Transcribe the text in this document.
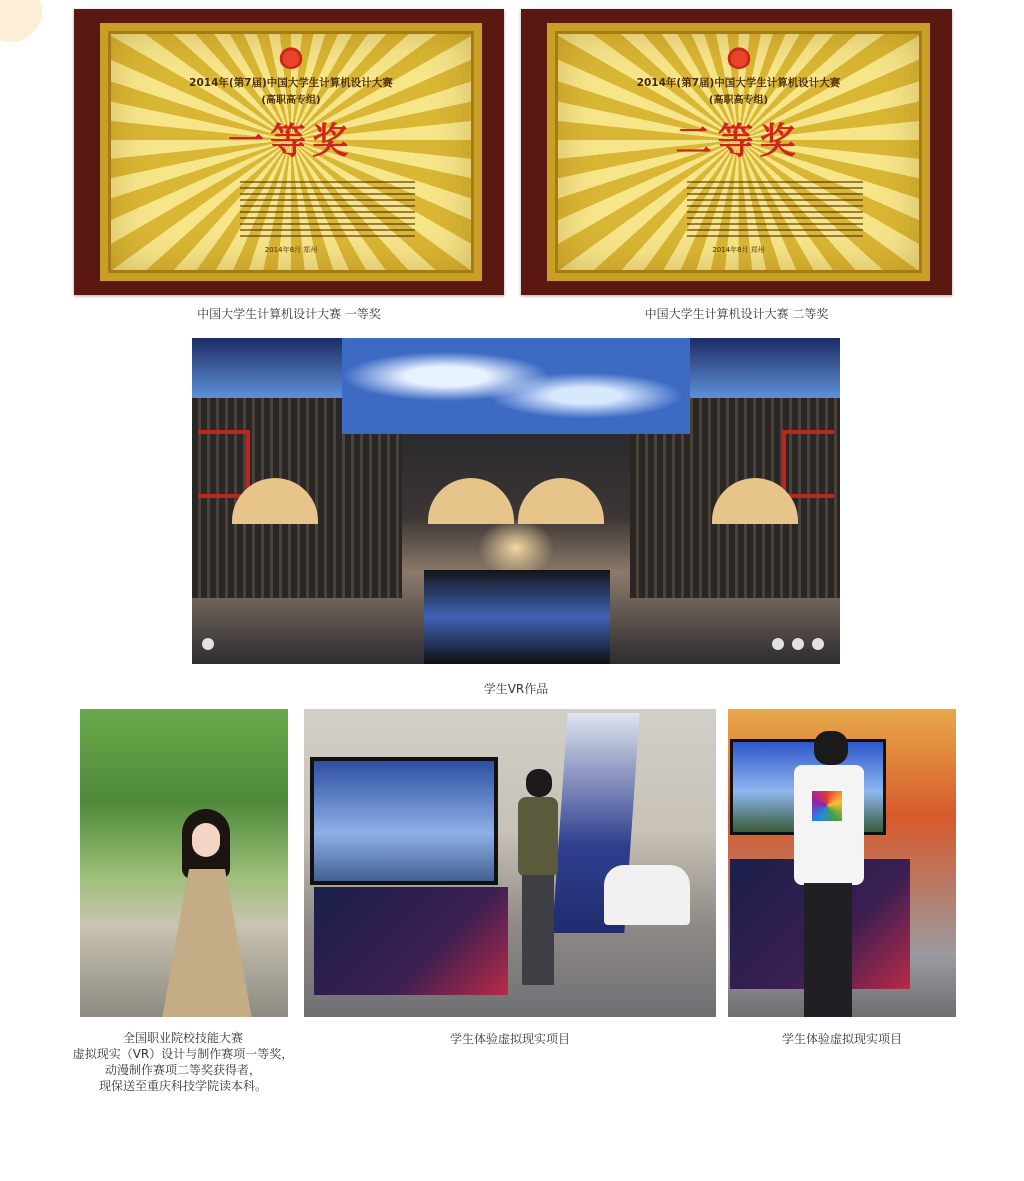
2014年(第7届)中国大学生计算机设计大赛
(高职高专组)
一等奖
2014年8月 郑州
2014年(第7届)中国大学生计算机设计大赛
(高职高专组)
二等奖
2014年8月 郑州
中国大学生计算机设计大赛 一等奖	中国大学生计算机设计大赛 二等奖
学生VR作品
全国职业院校技能大赛
虚拟现实（VR）设计与制作赛项一等奖，
动漫制作赛项二等奖获得者，
现保送至重庆科技学院读本科。
学生体验虚拟现实项目	学生体验虚拟现实项目
